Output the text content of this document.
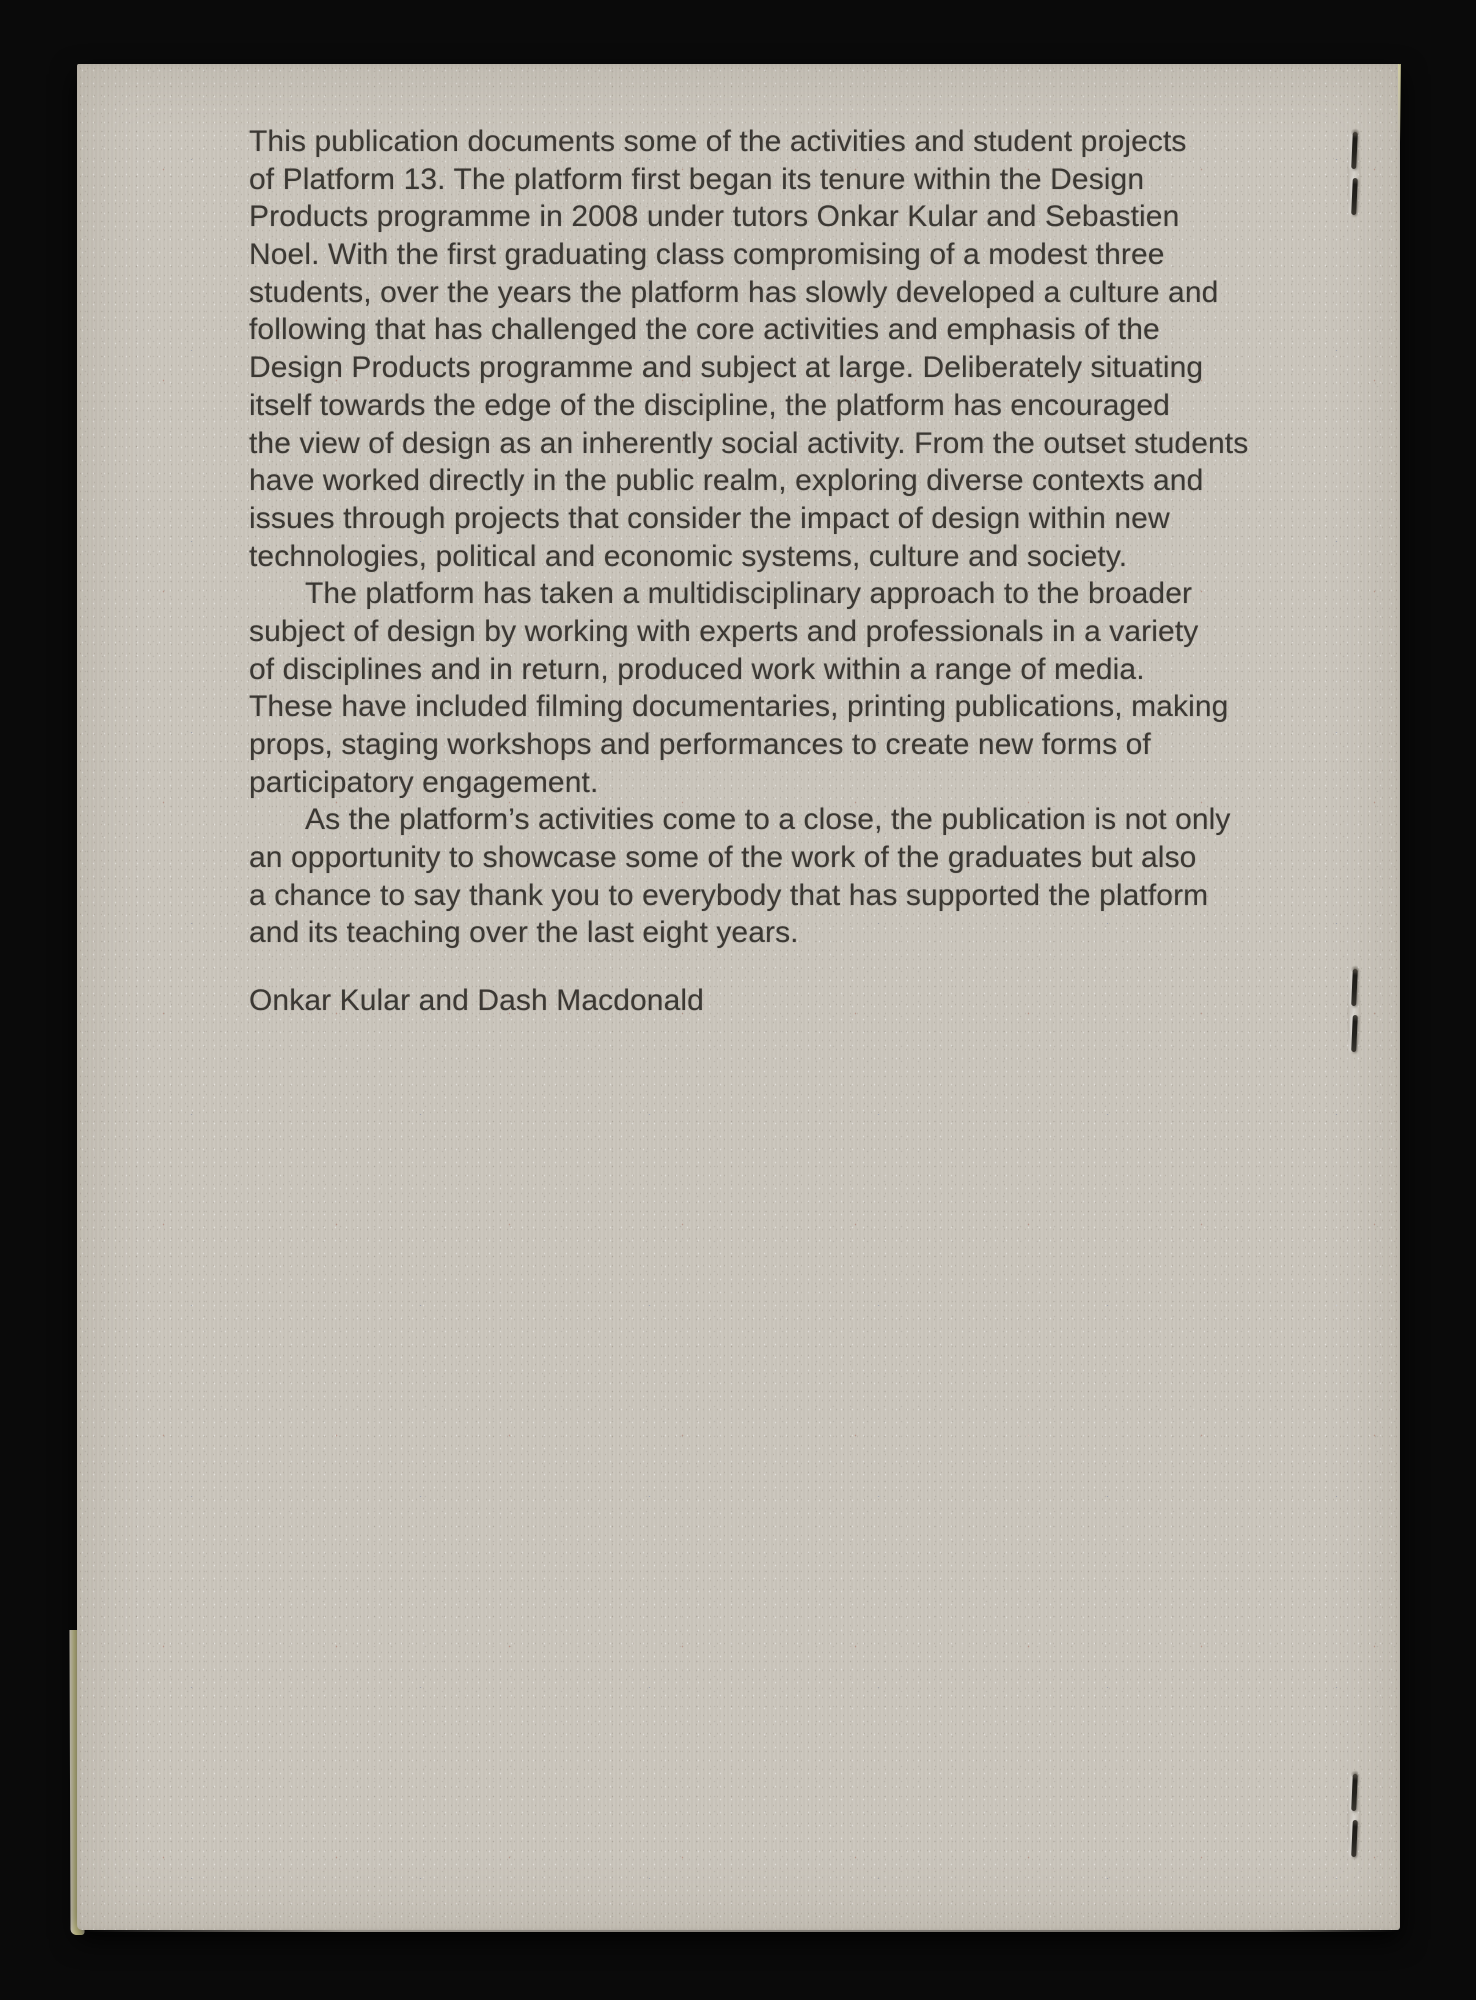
This publication documents some of the activities and student projects
of Platform 13. The platform first began its tenure within the Design
Products programme in 2008 under tutors Onkar Kular and Sebastien
Noel. With the first graduating class compromising of a modest three
students, over the years the platform has slowly developed a culture and
following that has challenged the core activities and emphasis of the
Design Products programme and subject at large. Deliberately situating
itself towards the edge of the discipline, the platform has encouraged
the view of design as an inherently social activity. From the outset students
have worked directly in the public realm, exploring diverse contexts and
issues through projects that consider the impact of design within new
technologies, political and economic systems, culture and society.
The platform has taken a multidisciplinary approach to the broader
subject of design by working with experts and professionals in a variety
of disciplines and in return, produced work within a range of media.
These have included filming documentaries, printing publications, making
props, staging workshops and performances to create new forms of
participatory engagement.
As the platform’s activities come to a close, the publication is not only
an opportunity to showcase some of the work of the graduates but also
a chance to say thank you to everybody that has supported the platform
and its teaching over the last eight years.
Onkar Kular and Dash Macdonald
